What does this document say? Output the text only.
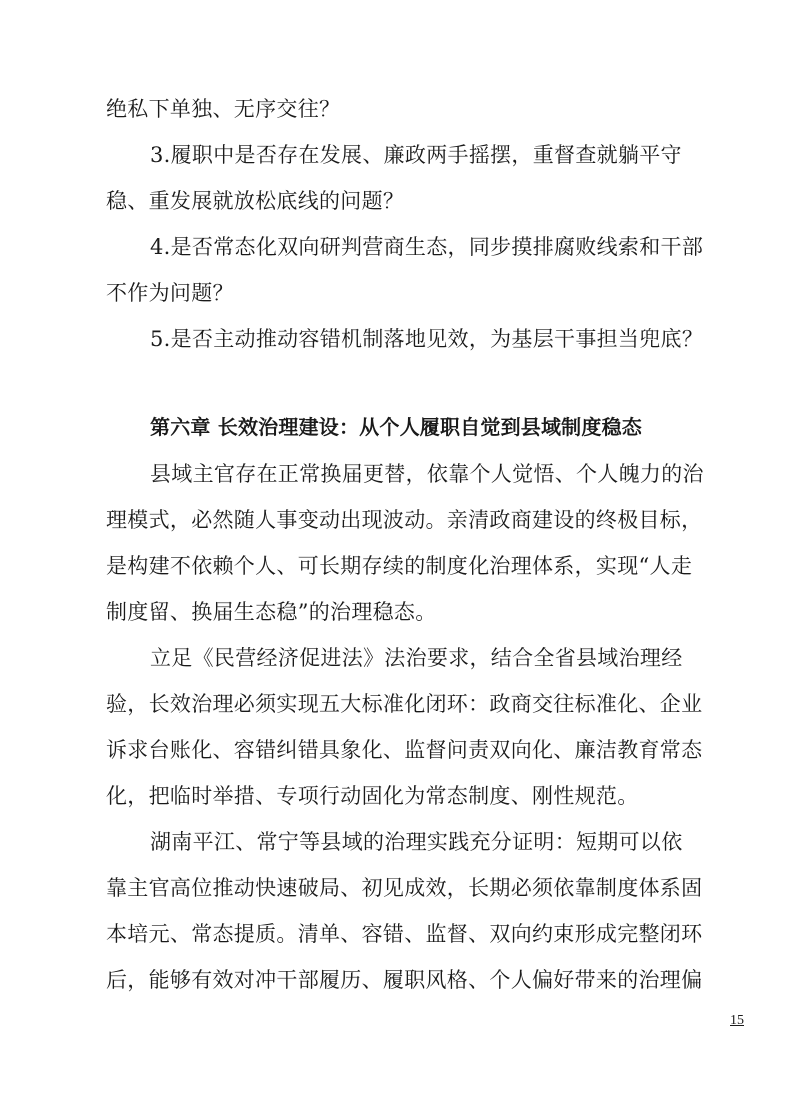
绝私下单独、无序交往？
3.履职中是否存在发展、廉政两手摇摆，重督查就躺平守
稳、重发展就放松底线的问题？
4.是否常态化双向研判营商生态，同步摸排腐败线索和干部
不作为问题？
5.是否主动推动容错机制落地见效，为基层干事担当兜底？
第六章 长效治理建设：从个人履职自觉到县域制度稳态
县域主官存在正常换届更替，依靠个人觉悟、个人魄力的治
理模式，必然随人事变动出现波动。亲清政商建设的终极目标，
是构建不依赖个人、可长期存续的制度化治理体系，实现“人走
制度留、换届生态稳”的治理稳态。
立足《民营经济促进法》法治要求，结合全省县域治理经
验，长效治理必须实现五大标准化闭环：政商交往标准化、企业
诉求台账化、容错纠错具象化、监督问责双向化、廉洁教育常态
化，把临时举措、专项行动固化为常态制度、刚性规范。
湖南平江、常宁等县域的治理实践充分证明：短期可以依
靠主官高位推动快速破局、初见成效，长期必须依靠制度体系固
本培元、常态提质。清单、容错、监督、双向约束形成完整闭环
后，能够有效对冲干部履历、履职风格、个人偏好带来的治理偏
15
